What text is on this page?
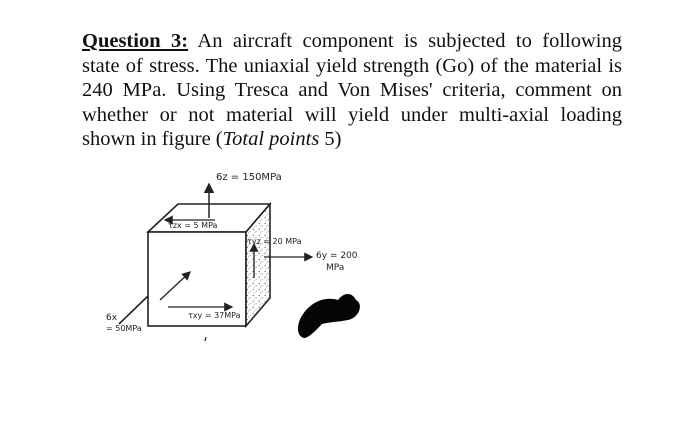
Question 3: An aircraft component is subjected to following state of stress. The uniaxial yield strength (Go) of the material is 240 MPa. Using Tresca and Von Mises' criteria, comment on whether or not material will yield under multi-axial loading shown in figure (Total points 5)
6z = 150MPa
τzx = 5 MPa
τyz = 20 MPa
6y = 200
MPa
τxy = 37MPa
6x
= 50MPa
